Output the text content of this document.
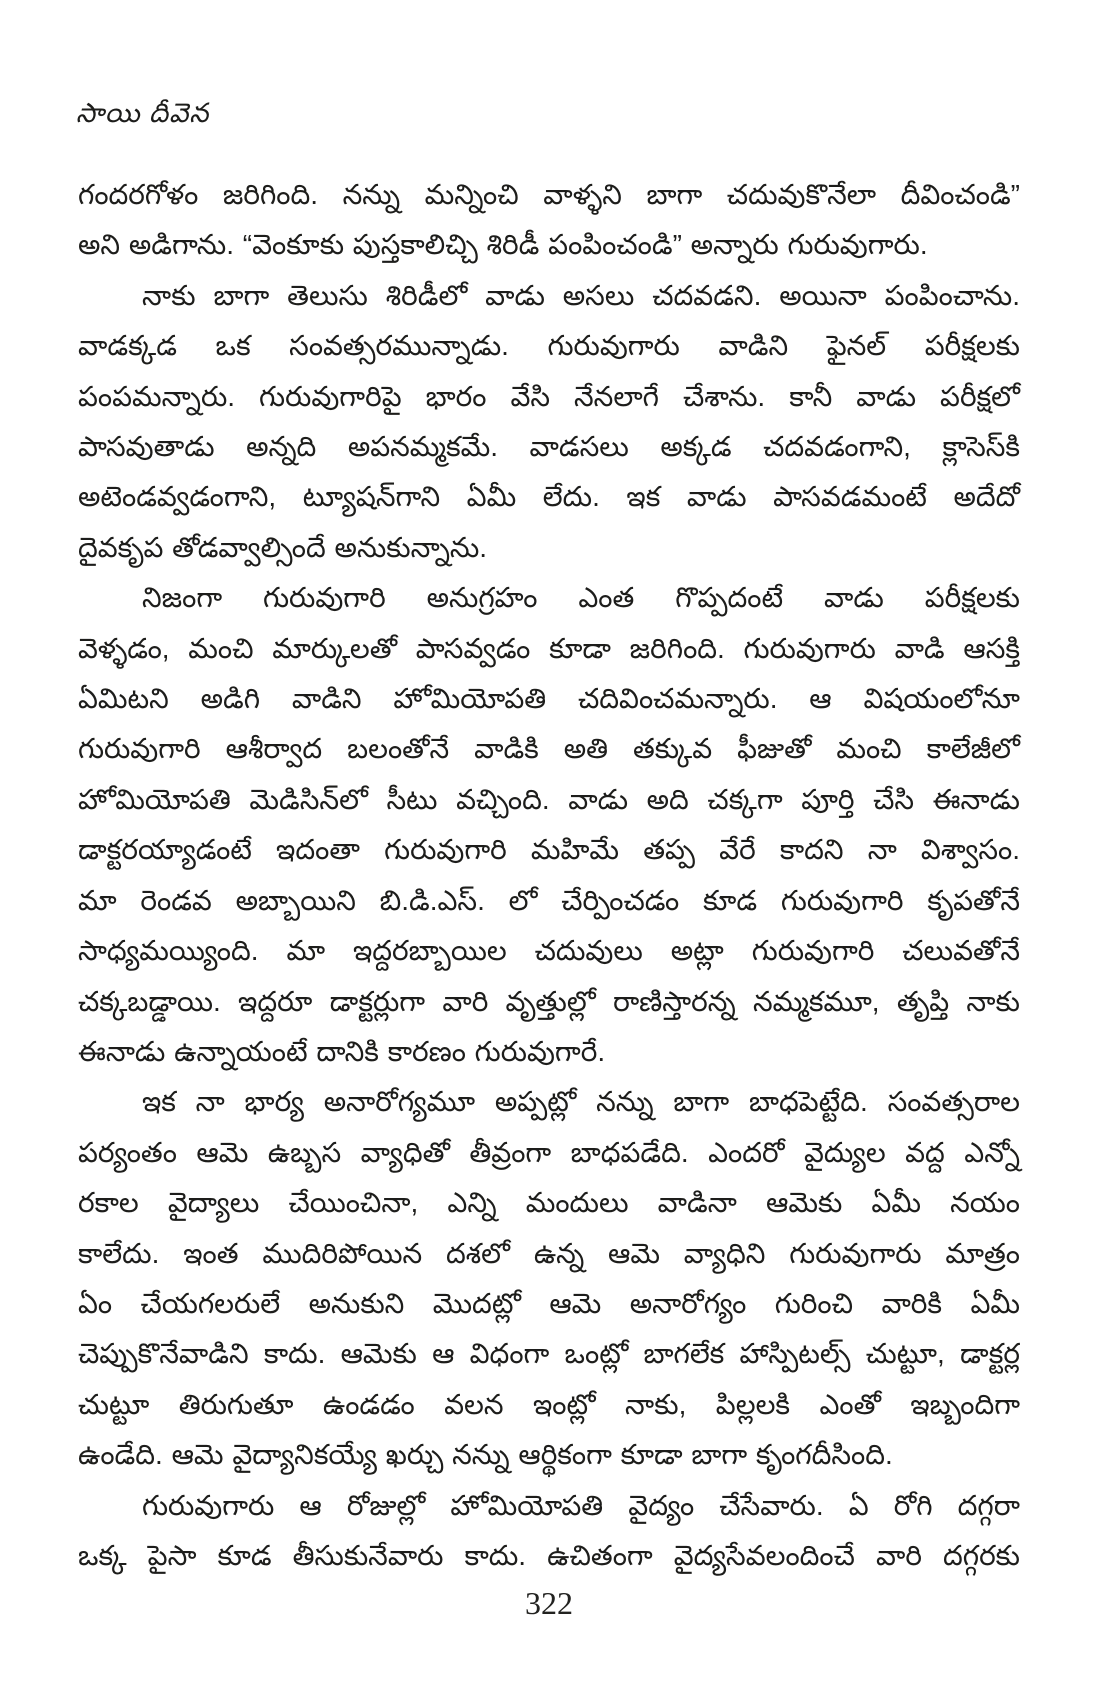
సాయి దీవెన
గందరగోళం జరిగింది. నన్ను మన్నించి వాళ్ళని బాగా చదువుకొనేలా దీవించండి”
అని అడిగాను. “వెంకూకు పుస్తకాలిచ్చి శిరిడీ పంపించండి” అన్నారు గురువుగారు.
నాకు బాగా తెలుసు శిరిడీలో వాడు అసలు చదవడని. అయినా పంపించాను.
వాడక్కడ ఒక సంవత్సరమున్నాడు. గురువుగారు వాడిని ఫైనల్ పరీక్షలకు
పంపమన్నారు. గురువుగారిపై భారం వేసి నేనలాగే చేశాను. కానీ వాడు పరీక్షలో
పాసవుతాడు అన్నది అపనమ్మకమే. వాడసలు అక్కడ చదవడంగాని, క్లాసెస్‌కి
అటెండవ్వడంగాని, ట్యూషన్‌గాని ఏమీ లేదు. ఇక వాడు పాసవడమంటే అదేదో
దైవకృప తోడవ్వాల్సిందే అనుకున్నాను.
నిజంగా గురువుగారి అనుగ్రహం ఎంత గొప్పదంటే వాడు పరీక్షలకు
వెళ్ళడం, మంచి మార్కులతో పాసవ్వడం కూడా జరిగింది. గురువుగారు వాడి ఆసక్తి
ఏమిటని అడిగి వాడిని హోమియోపతి చదివించమన్నారు. ఆ విషయంలోనూ
గురువుగారి ఆశీర్వాద బలంతోనే వాడికి అతి తక్కువ ఫీజుతో మంచి కాలేజీలో
హోమియోపతి మెడిసిన్‌లో సీటు వచ్చింది. వాడు అది చక్కగా పూర్తి చేసి ఈనాడు
డాక్టరయ్యాడంటే ఇదంతా గురువుగారి మహిమే తప్ప వేరే కాదని నా విశ్వాసం.
మా రెండవ అబ్బాయిని బి.డి.ఎస్. లో చేర్పించడం కూడ గురువుగారి కృపతోనే
సాధ్యమయ్యింది. మా ఇద్దరబ్బాయిల చదువులు అట్లా గురువుగారి చలువతోనే
చక్కబడ్డాయి. ఇద్దరూ డాక్టర్లుగా వారి వృత్తుల్లో రాణిస్తారన్న నమ్మకమూ, తృప్తి నాకు
ఈనాడు ఉన్నాయంటే దానికి కారణం గురువుగారే.
ఇక నా భార్య అనారోగ్యమూ అప్పట్లో నన్ను బాగా బాధపెట్టేది. సంవత్సరాల
పర్యంతం ఆమె ఉబ్బస వ్యాధితో తీవ్రంగా బాధపడేది. ఎందరో వైద్యుల వద్ద ఎన్నో
రకాల వైద్యాలు చేయించినా, ఎన్ని మందులు వాడినా ఆమెకు ఏమీ నయం
కాలేదు. ఇంత ముదిరిపోయిన దశలో ఉన్న ఆమె వ్యాధిని గురువుగారు మాత్రం
ఏం చేయగలరులే అనుకుని మొదట్లో ఆమె అనారోగ్యం గురించి వారికి ఏమీ
చెప్పుకొనేవాడిని కాదు. ఆమెకు ఆ విధంగా ఒంట్లో బాగలేక హాస్పిటల్స్ చుట్టూ, డాక్టర్ల
చుట్టూ తిరుగుతూ ఉండడం వలన ఇంట్లో నాకు, పిల్లలకి ఎంతో ఇబ్బందిగా
ఉండేది. ఆమె వైద్యానికయ్యే ఖర్చు నన్ను ఆర్థికంగా కూడా బాగా కృంగదీసింది.
గురువుగారు ఆ రోజుల్లో హోమియోపతి వైద్యం చేసేవారు. ఏ రోగి దగ్గరా
ఒక్క పైసా కూడ తీసుకునేవారు కాదు. ఉచితంగా వైద్యసేవలందించే వారి దగ్గరకు
322
